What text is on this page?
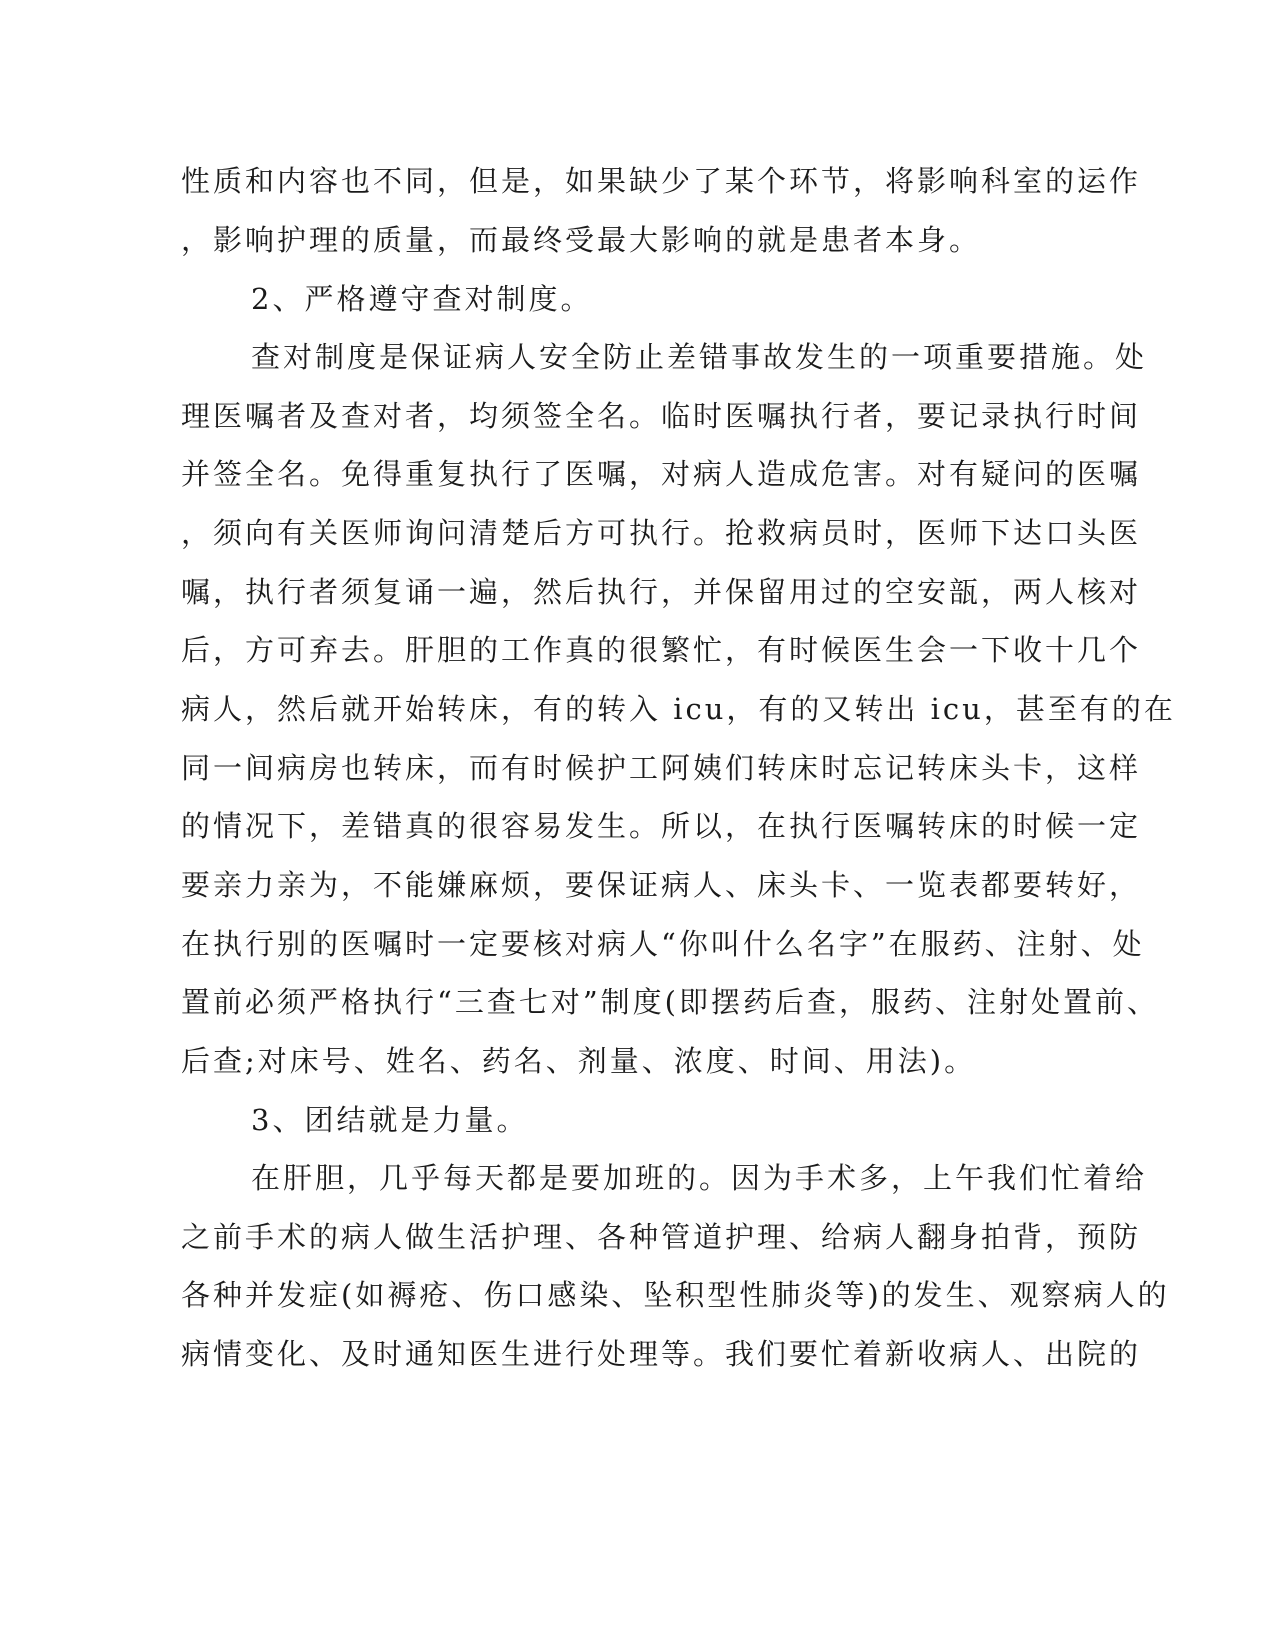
性质和内容也不同，但是，如果缺少了某个环节，将影响科室的运作
，影响护理的质量，而最终受最大影响的就是患者本身。
2、严格遵守查对制度。
查对制度是保证病人安全防止差错事故发生的一项重要措施。处
理医嘱者及查对者，均须签全名。临时医嘱执行者，要记录执行时间
并签全名。免得重复执行了医嘱，对病人造成危害。对有疑问的医嘱
，须向有关医师询问清楚后方可执行。抢救病员时，医师下达口头医
嘱，执行者须复诵一遍，然后执行，并保留用过的空安瓿，两人核对
后，方可弃去。肝胆的工作真的很繁忙，有时候医生会一下收十几个
病人，然后就开始转床，有的转入 icu，有的又转出 icu，甚至有的在
同一间病房也转床，而有时候护工阿姨们转床时忘记转床头卡，这样
的情况下，差错真的很容易发生。所以，在执行医嘱转床的时候一定
要亲力亲为，不能嫌麻烦，要保证病人、床头卡、一览表都要转好，
在执行别的医嘱时一定要核对病人“你叫什么名字”在服药、注射、处
置前必须严格执行“三查七对”制度(即摆药后查，服药、注射处置前、
后查;对床号、姓名、药名、剂量、浓度、时间、用法)。
3、团结就是力量。
在肝胆，几乎每天都是要加班的。因为手术多，上午我们忙着给
之前手术的病人做生活护理、各种管道护理、给病人翻身拍背，预防
各种并发症(如褥疮、伤口感染、坠积型性肺炎等)的发生、观察病人的
病情变化、及时通知医生进行处理等。我们要忙着新收病人、出院的
